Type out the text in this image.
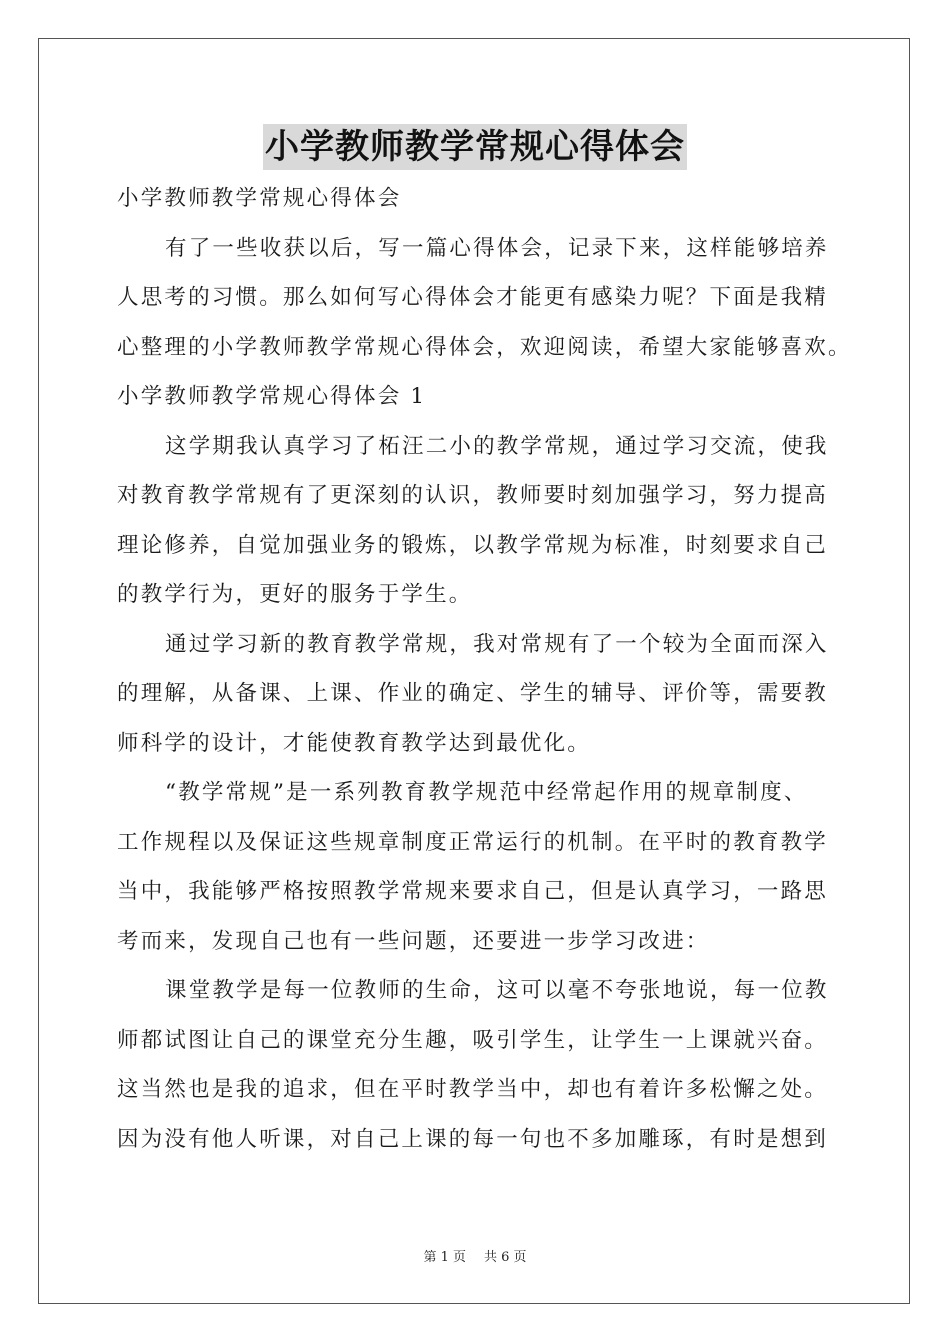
小学教师教学常规心得体会
小学教师教学常规心得体会
有了一些收获以后，写一篇心得体会，记录下来，这样能够培养
人思考的习惯。那么如何写心得体会才能更有感染力呢？下面是我精
心整理的小学教师教学常规心得体会，欢迎阅读，希望大家能够喜欢。
小学教师教学常规心得体会 1
这学期我认真学习了柘汪二小的教学常规，通过学习交流，使我
对教育教学常规有了更深刻的认识，教师要时刻加强学习，努力提高
理论修养，自觉加强业务的锻炼，以教学常规为标准，时刻要求自己
的教学行为，更好的服务于学生。
通过学习新的教育教学常规，我对常规有了一个较为全面而深入
的理解，从备课、上课、作业的确定、学生的辅导、评价等，需要教
师科学的设计，才能使教育教学达到最优化。
“教学常规”是一系列教育教学规范中经常起作用的规章制度、
工作规程以及保证这些规章制度正常运行的机制。在平时的教育教学
当中，我能够严格按照教学常规来要求自己，但是认真学习，一路思
考而来，发现自己也有一些问题，还要进一步学习改进：
课堂教学是每一位教师的生命，这可以毫不夸张地说，每一位教
师都试图让自己的课堂充分生趣，吸引学生，让学生一上课就兴奋。
这当然也是我的追求，但在平时教学当中，却也有着许多松懈之处。
因为没有他人听课，对自己上课的每一句也不多加雕琢，有时是想到
第 1 页 共 6 页
